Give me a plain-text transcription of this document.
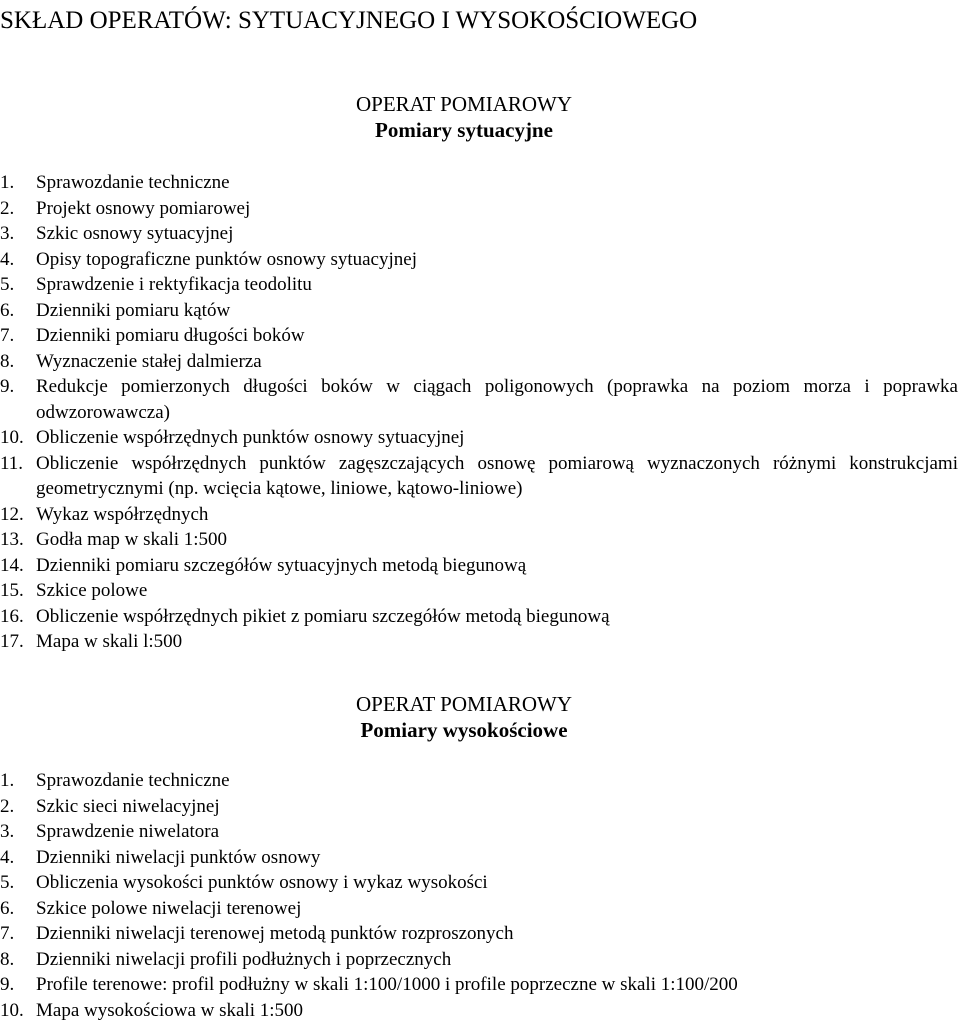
SKŁAD OPERATÓW: SYTUACYJNEGO I WYSOKOŚCIOWEGO
OPERAT POMIAROWY
Pomiary sytuacyjne
1.	Sprawozdanie techniczne
2.	Projekt osnowy pomiarowej
3.	Szkic osnowy sytuacyjnej
4.	Opisy topograficzne punktów osnowy sytuacyjnej
5.	Sprawdzenie i rektyfikacja teodolitu
6.	Dzienniki pomiaru kątów
7.	Dzienniki pomiaru długości boków
8.	Wyznaczenie stałej dalmierza
9.	Redukcje pomierzonych długości boków w ciągach poligonowych (poprawka na poziom morza i poprawka odwzorowawcza)
10. Obliczenie współrzędnych punktów osnowy sytuacyjnej
11. Obliczenie współrzędnych punktów zagęszczających osnowę pomiarową wyznaczonych różnymi konstrukcjami geometrycznymi (np. wcięcia kątowe, liniowe, kątowo-liniowe)
12. Wykaz współrzędnych
13. Godła map w skali 1:500
14. Dzienniki pomiaru szczegółów sytuacyjnych metodą biegunową
15. Szkice polowe
16. Obliczenie współrzędnych pikiet z pomiaru szczegółów metodą biegunową
17. Mapa w skali l:500
OPERAT POMIAROWY
Pomiary wysokościowe
1.	Sprawozdanie techniczne
2.	Szkic sieci niwelacyjnej
3.	Sprawdzenie niwelatora
4.	Dzienniki niwelacji punktów osnowy
5.	Obliczenia wysokości punktów osnowy i wykaz wysokości
6.	Szkice polowe niwelacji terenowej
7.	Dzienniki niwelacji terenowej metodą punktów rozproszonych
8.	Dzienniki niwelacji profili podłużnych i poprzecznych
9.	Profile terenowe: profil podłużny w skali 1:100/1000 i profile poprzeczne w skali 1:100/200
10. Mapa wysokościowa w skali 1:500
